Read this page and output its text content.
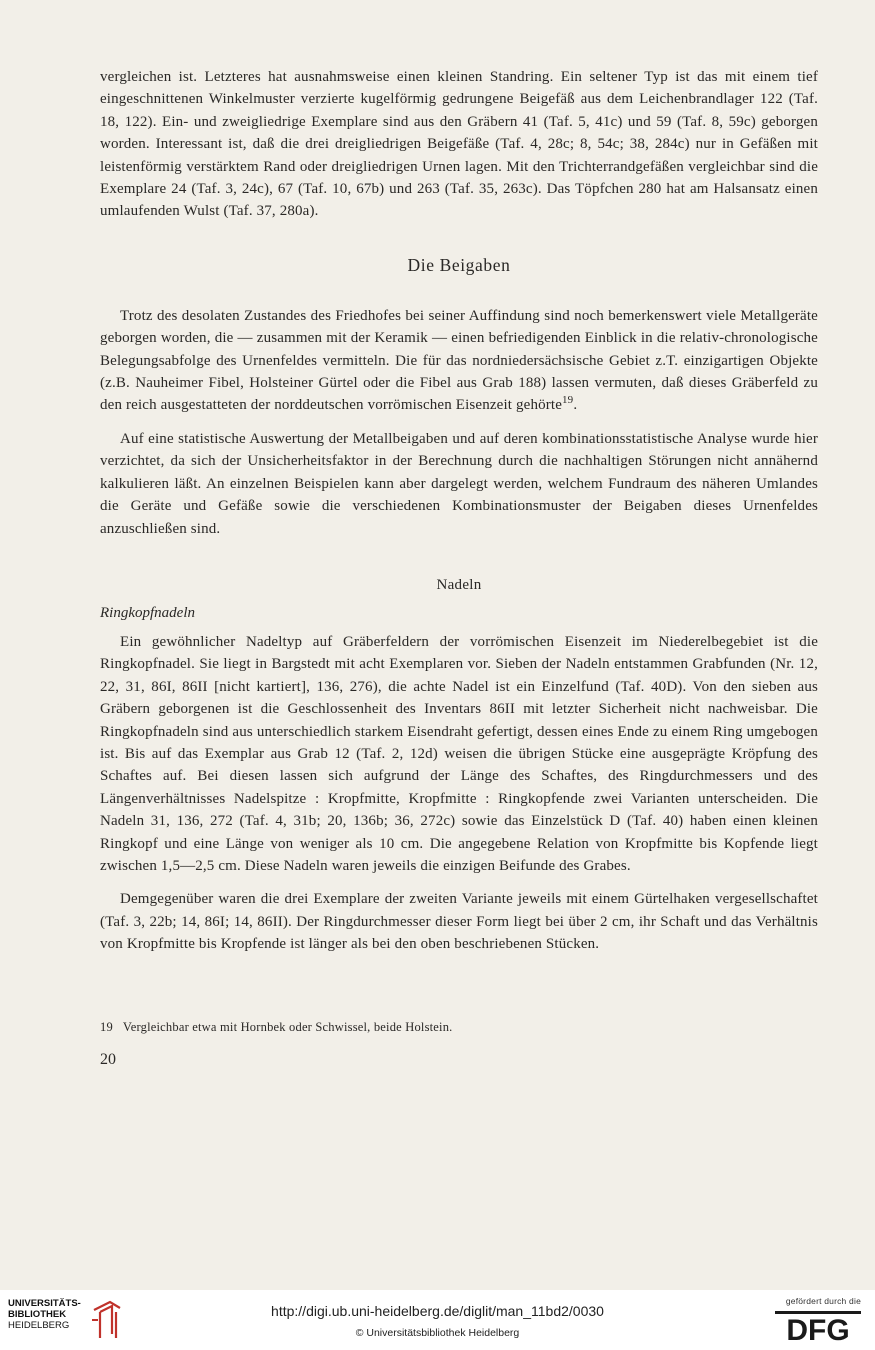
vergleichen ist. Letzteres hat ausnahmsweise einen kleinen Standring. Ein seltener Typ ist das mit einem tief eingeschnittenen Winkelmuster verzierte kugelförmig gedrungene Beigefäß aus dem Leichenbrandlager 122 (Taf. 18, 122). Ein- und zweigliedrige Exemplare sind aus den Gräbern 41 (Taf. 5, 41c) und 59 (Taf. 8, 59c) geborgen worden. Interessant ist, daß die drei dreigliedrigen Beigefäße (Taf. 4, 28c; 8, 54c; 38, 284c) nur in Gefäßen mit leistenförmig verstärktem Rand oder dreigliedrigen Urnen lagen. Mit den Trichterrandgefäßen vergleichbar sind die Exemplare 24 (Taf. 3, 24c), 67 (Taf. 10, 67b) und 263 (Taf. 35, 263c). Das Töpfchen 280 hat am Halsansatz einen umlaufenden Wulst (Taf. 37, 280a).

Die Beigaben

Trotz des desolaten Zustandes des Friedhofes bei seiner Auffindung sind noch bemerkenswert viele Metallgeräte geborgen worden, die — zusammen mit der Keramik — einen befriedigenden Einblick in die relativ-chronologische Belegungsabfolge des Urnenfeldes vermitteln. Die für das nordniedersächsische Gebiet z.T. einzigartigen Objekte (z.B. Nauheimer Fibel, Holsteiner Gürtel oder die Fibel aus Grab 188) lassen vermuten, daß dieses Gräberfeld zu den reich ausgestatteten der norddeutschen vorrömischen Eisenzeit gehörte$^{19}$.

Auf eine statistische Auswertung der Metallbeigaben und auf deren kombinationsstatistische Analyse wurde hier verzichtet, da sich der Unsicherheitsfaktor in der Berechnung durch die nachhaltigen Störungen nicht annähernd kalkulieren läßt. An einzelnen Beispielen kann aber dargelegt werden, welchem Fundraum des näheren Umlandes die Geräte und Gefäße sowie die verschiedenen Kombinationsmuster der Beigaben dieses Urnenfeldes anzuschließen sind.

Nadeln
Ringkopfnadeln

Ein gewöhnlicher Nadeltyp auf Gräberfeldern der vorrömischen Eisenzeit im Niederelbegebiet ist die Ringkopfnadel. Sie liegt in Bargstedt mit acht Exemplaren vor. Sieben der Nadeln entstammen Grabfunden (Nr. 12, 22, 31, 86I, 86II [nicht kartiert], 136, 276), die achte Nadel ist ein Einzelfund (Taf. 40D). Von den sieben aus Gräbern geborgenen ist die Geschlossenheit des Inventars 86II mit letzter Sicherheit nicht nachweisbar. Die Ringkopfnadeln sind aus unterschiedlich starkem Eisendraht gefertigt, dessen eines Ende zu einem Ring umgebogen ist. Bis auf das Exemplar aus Grab 12 (Taf. 2, 12d) weisen die übrigen Stücke eine ausgeprägte Kröpfung des Schaftes auf. Bei diesen lassen sich aufgrund der Länge des Schaftes, des Ringdurchmessers und des Längenverhältnisses Nadelspitze : Kropfmitte, Kropfmitte : Ringkopfende zwei Varianten unterscheiden. Die Nadeln 31, 136, 272 (Taf. 4, 31b; 20, 136b; 36, 272c) sowie das Einzelstück D (Taf. 40) haben einen kleinen Ringkopf und eine Länge von weniger als 10 cm. Die angegebene Relation von Kropfmitte bis Kopfende liegt zwischen 1,5—2,5 cm. Diese Nadeln waren jeweils die einzigen Beifunde des Grabes.

Demgegenüber waren die drei Exemplare der zweiten Variante jeweils mit einem Gürtelhaken vergesellschaftet (Taf. 3, 22b; 14, 86I; 14, 86II). Der Ringdurchmesser dieser Form liegt bei über 2 cm, ihr Schaft und das Verhältnis von Kropfmitte bis Kropfende ist länger als bei den oben beschriebenen Stücken.

19 Vergleichbar etwa mit Hornbek oder Schwissel, beide Holstein.
20
UNIVERSITÄTS-
BIBLIOTHEK
HEIDELBERG
http://digi.ub.uni-heidelberg.de/diglit/man_11bd2/0030
© Universitätsbibliothek Heidelberg
gefördert durch die
DFG
